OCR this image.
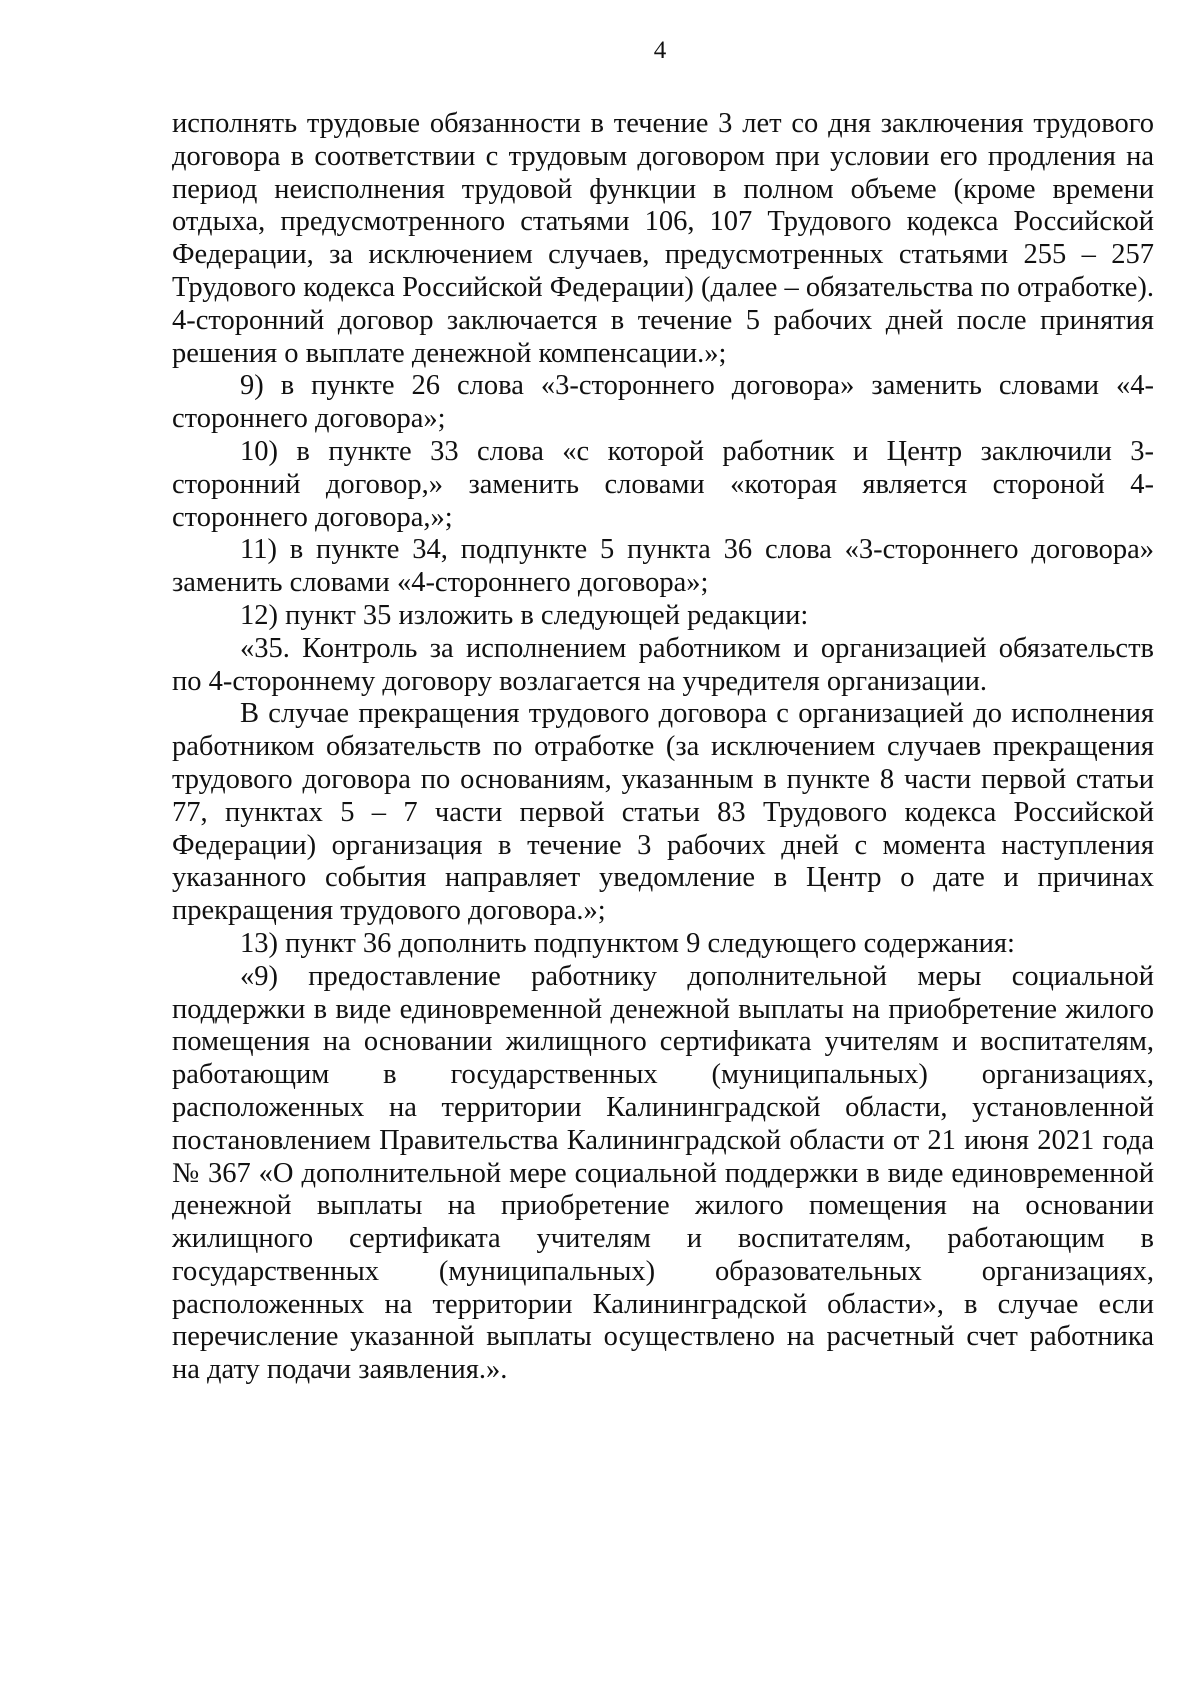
4

исполнять трудовые обязанности в течение 3 лет со дня заключения трудового договора в соответствии с трудовым договором при условии его продления на период неисполнения трудовой функции в полном объеме (кроме времени отдыха, предусмотренного статьями 106, 107 Трудового кодекса Российской Федерации, за исключением случаев, предусмотренных статьями 255 – 257 Трудового кодекса Российской Федерации) (далее – обязательства по отработке). 4-сторонний договор заключается в течение 5 рабочих дней после принятия решения о выплате денежной компенсации.»;

9) в пункте 26 слова «3-стороннего договора» заменить словами «4-стороннего договора»;

10) в пункте 33 слова «с которой работник и Центр заключили 3-сторонний договор,» заменить словами «которая является стороной 4-стороннего договора,»;

11) в пункте 34, подпункте 5 пункта 36 слова «3-стороннего договора» заменить словами «4-стороннего договора»;

12) пункт 35 изложить в следующей редакции:

«35. Контроль за исполнением работником и организацией обязательств по 4-стороннему договору возлагается на учредителя организации.

В случае прекращения трудового договора с организацией до исполнения работником обязательств по отработке (за исключением случаев прекращения трудового договора по основаниям, указанным в пункте 8 части первой статьи 77, пунктах 5 – 7 части первой статьи 83 Трудового кодекса Российской Федерации) организация в течение 3 рабочих дней с момента наступления указанного события направляет уведомление в Центр о дате и причинах прекращения трудового договора.»;

13) пункт 36 дополнить подпунктом 9 следующего содержания:

«9) предоставление работнику дополнительной меры социальной поддержки в виде единовременной денежной выплаты на приобретение жилого помещения на основании жилищного сертификата учителям и воспитателям, работающим в государственных (муниципальных) организациях, расположенных на территории Калининградской области, установленной постановлением Правительства Калининградской области от 21 июня 2021 года № 367 «О дополнительной мере социальной поддержки в виде единовременной денежной выплаты на приобретение жилого помещения на основании жилищного сертификата учителям и воспитателям, работающим в государственных (муниципальных) образовательных организациях, расположенных на территории Калининградской области», в случае если перечисление указанной выплаты осуществлено на расчетный счет работника на дату подачи заявления.».
